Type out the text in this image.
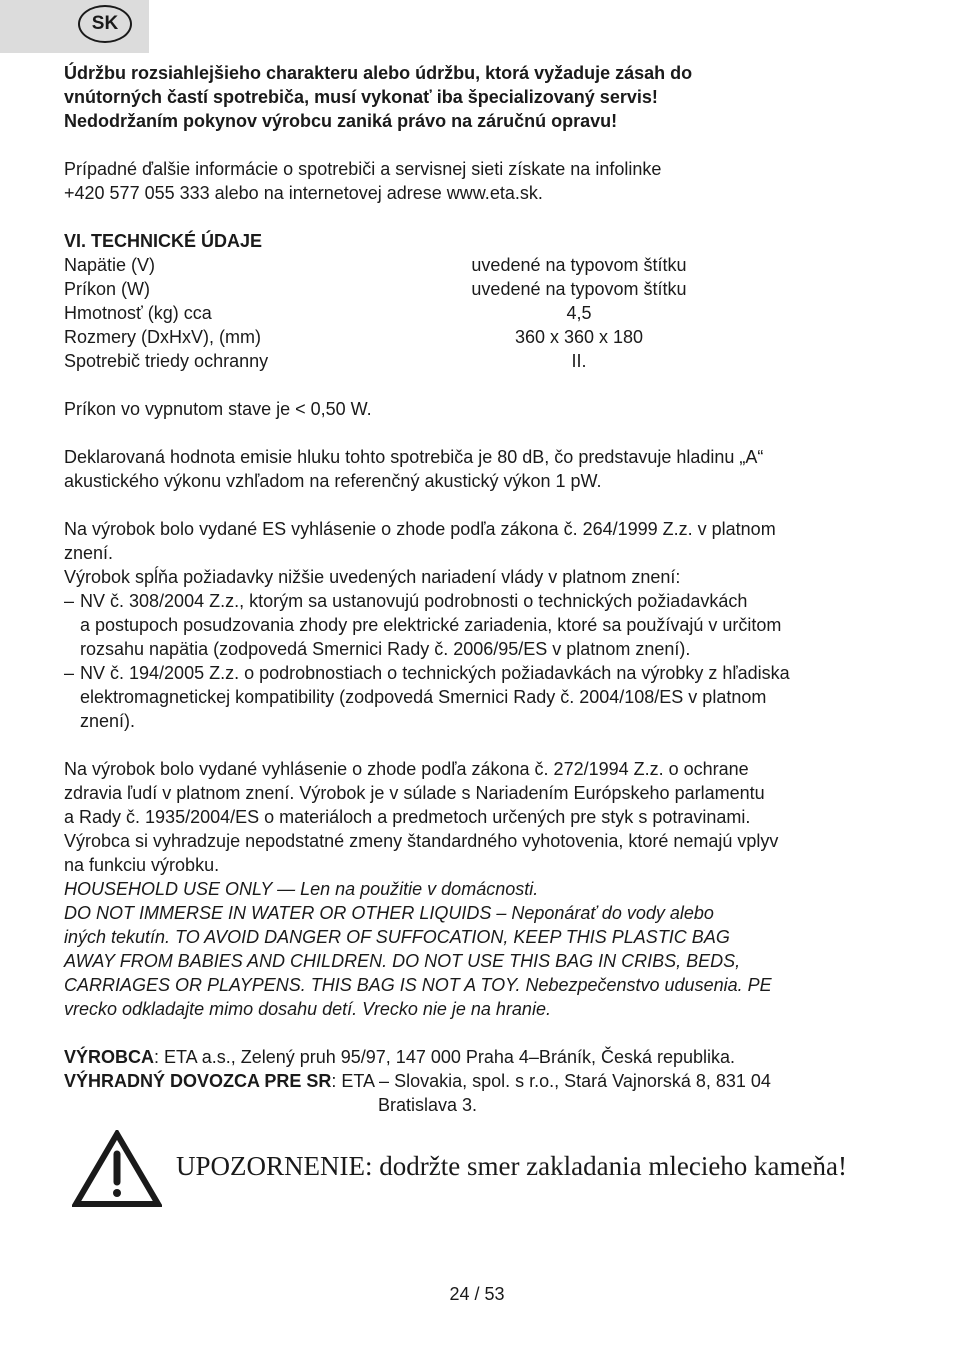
SK

Údržbu rozsiahlejšieho charakteru alebo údržbu, ktorá vyžaduje zásah do

vnútorných častí spotrebiča, musí vykonať iba špecializovaný servis!

Nedodržaním pokynov výrobcu zaniká právo na záručnú opravu!

Prípadné ďalšie informácie o spotrebiči a servisnej sieti získate na infolinke

+420 577 055 333 alebo na internetovej adrese www.eta.sk.

VI. TECHNICKÉ ÚDAJE

Napätie (V)	uvedené na typovom štítku
Príkon (W)	uvedené na typovom štítku
Hmotnosť (kg) cca	4,5
Rozmery (DxHxV), (mm)	360 x 360 x 180
Spotrebič triedy ochranny	II.

Príkon vo vypnutom stave je < 0,50 W.

Deklarovaná hodnota emisie hluku tohto spotrebiča je 80 dB, čo predstavuje hladinu „A“

akustického výkonu vzhľadom na referenčný akustický výkon 1 pW.

Na výrobok bolo vydané ES vyhlásenie o zhode podľa zákona č. 264/1999 Z.z. v platnom

znení.

Výrobok spĺňa požiadavky nižšie uvedených nariadení vlády v platnom znení:

– NV č. 308/2004 Z.z., ktorým sa ustanovujú podrobnosti o technických požiadavkách

a postupoch posudzovania zhody pre elektrické zariadenia, ktoré sa používajú v určitom

rozsahu napätia (zodpovedá Smernici Rady č. 2006/95/ES v platnom znení).

– NV č. 194/2005 Z.z. o podrobnostiach o technických požiadavkách na výrobky z hľadiska

elektromagnetickej kompatibility (zodpovedá Smernici Rady č. 2004/108/ES v platnom

znení).

Na výrobok bolo vydané vyhlásenie o zhode podľa zákona č. 272/1994 Z.z. o ochrane

zdravia ľudí v platnom znení. Výrobok je v súlade s Nariadením Európskeho parlamentu

a Rady č. 1935/2004/ES o materiáloch a predmetoch určených pre styk s potravinami.

Výrobca si vyhradzuje nepodstatné zmeny štandardného vyhotovenia, ktoré nemajú vplyv

na funkciu výrobku.

HOUSEHOLD USE ONLY — Len na použitie v domácnosti.

DO NOT IMMERSE IN WATER OR OTHER LIQUIDS – Neponárať do vody alebo

iných tekutín. TO AVOID DANGER OF SUFFOCATION, KEEP THIS PLASTIC BAG

AWAY FROM BABIES AND CHILDREN. DO NOT USE THIS BAG IN CRIBS, BEDS,

CARRIAGES OR PLAYPENS. THIS BAG IS NOT A TOY. Nebezpečenstvo udusenia. PE

vrecko odkladajte mimo dosahu detí. Vrecko nie je na hranie.

VÝROBCA: ETA a.s., Zelený pruh 95/97, 147 000 Praha 4–Bráník, Česká republika.

VÝHRADNÝ DOVOZCA PRE SR: ETA – Slovakia, spol. s r.o., Stará Vajnorská 8, 831 04

Bratislava 3.

UPOZORNENIE: dodržte smer zakladania mlecieho kameňa!
24 / 53
